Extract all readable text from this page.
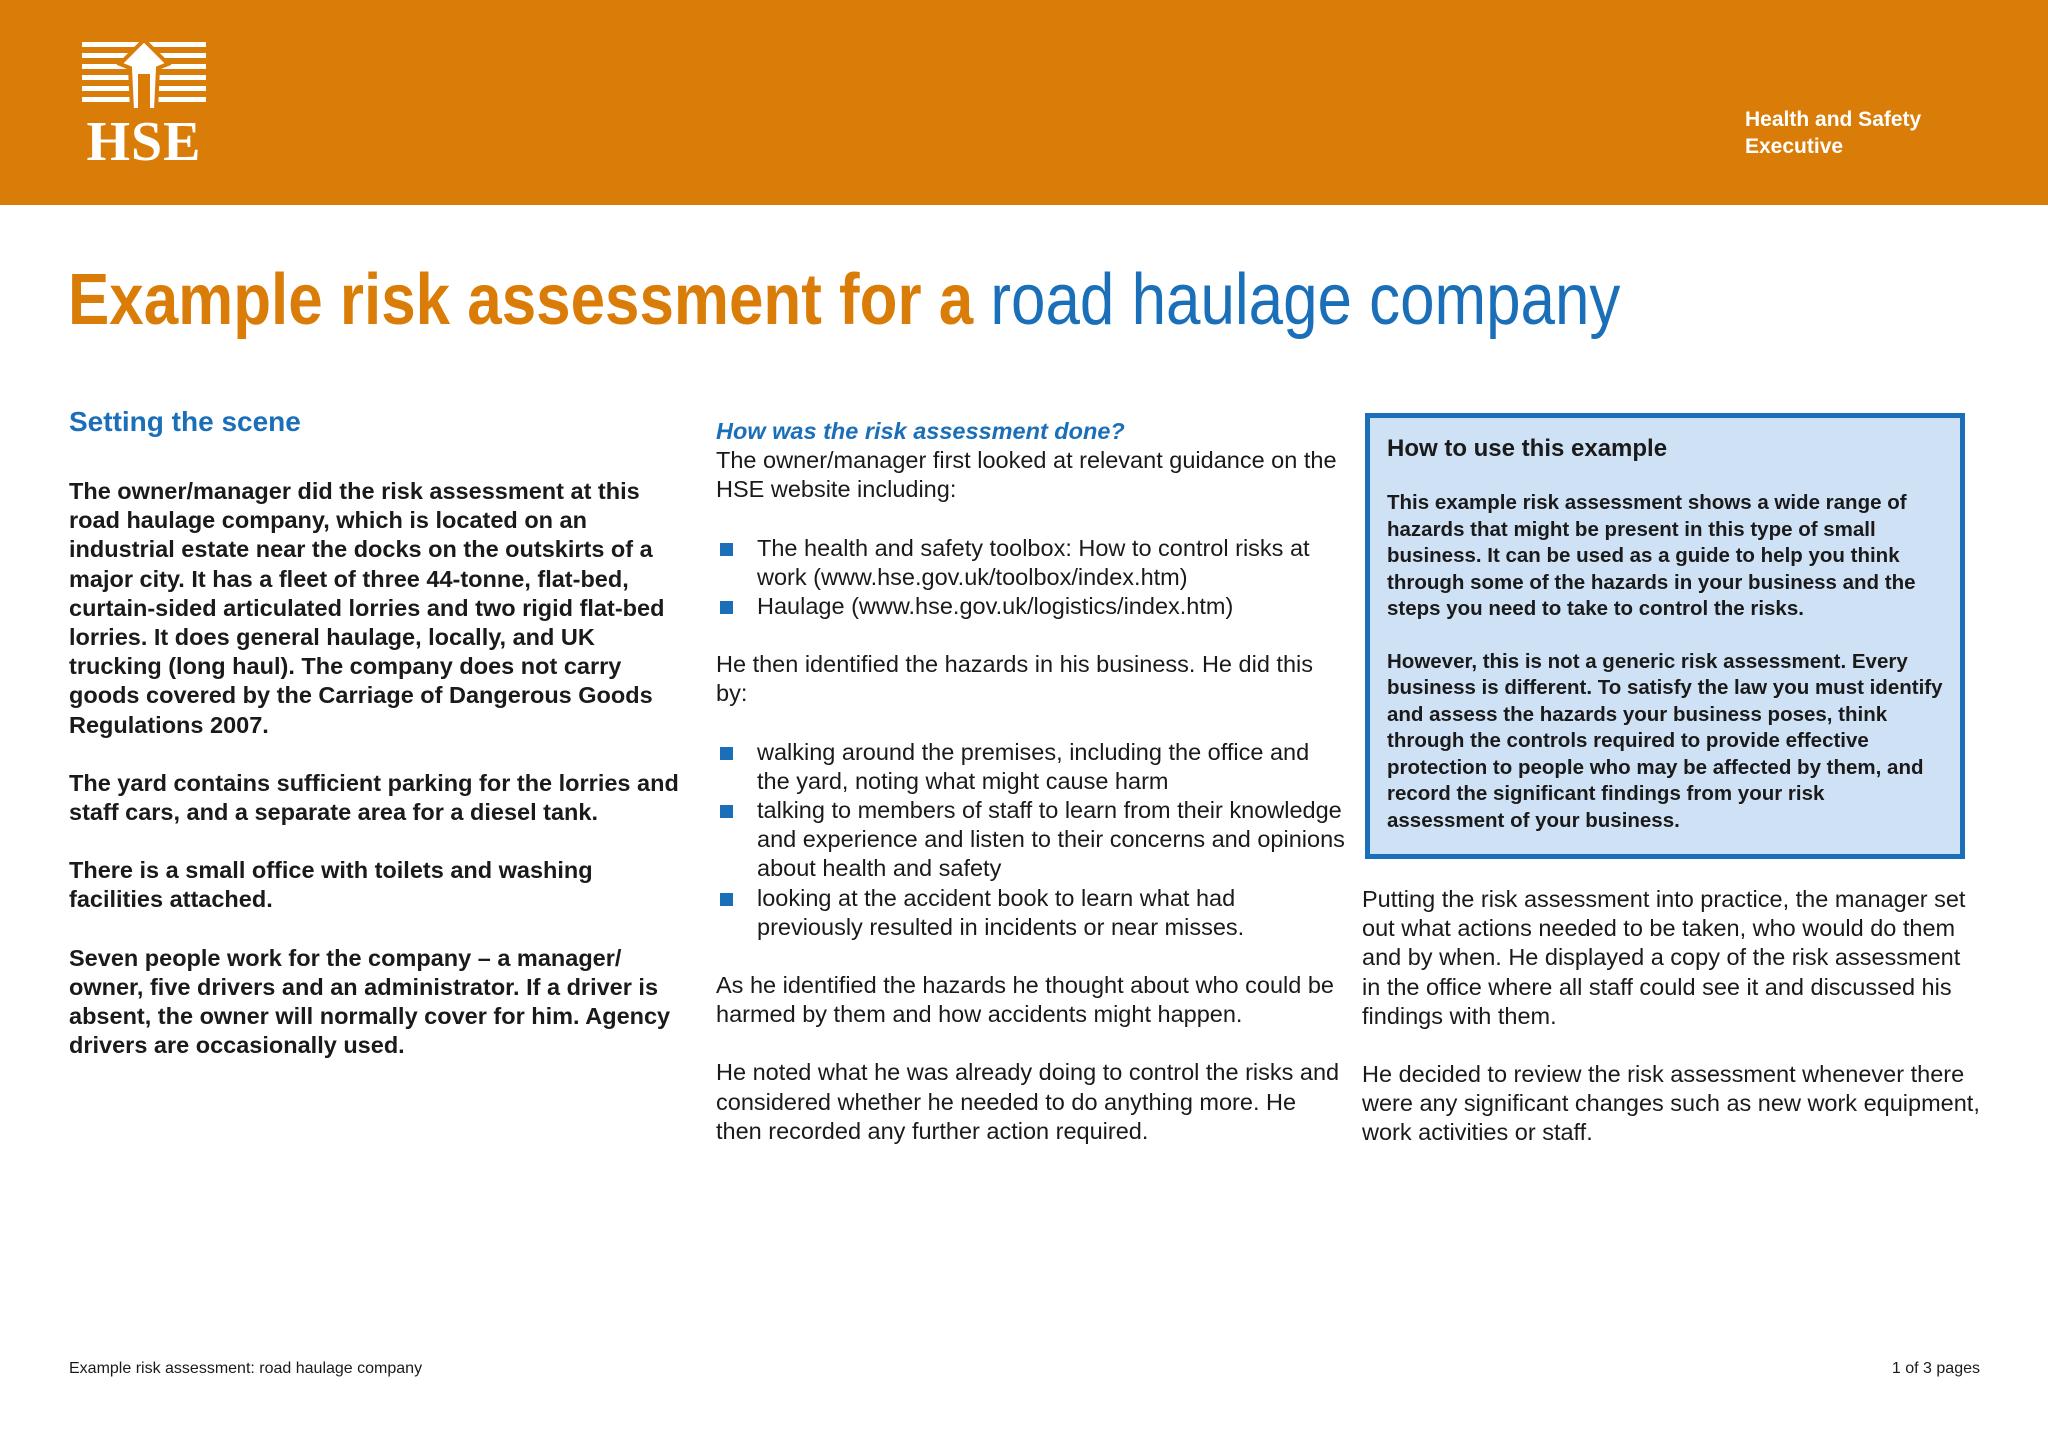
HSE	Health and Safety
Executive
Example risk assessment for a road haulage company
Setting the scene

The owner/manager did the risk assessment at this road haulage company, which is located on an industrial estate near the docks on the outskirts of a major city. It has a fleet of three 44-tonne, flat-bed, curtain-sided articulated lorries and two rigid flat-bed lorries. It does general haulage, locally, and UK trucking (long haul). The company does not carry goods covered by the Carriage of Dangerous Goods Regulations 2007.

The yard contains sufficient parking for the lorries and staff cars, and a separate area for a diesel tank.

There is a small office with toilets and washing facilities attached.

Seven people work for the company – a manager/ owner, five drivers and an administrator. If a driver is absent, the owner will normally cover for him. Agency drivers are occasionally used.

How was the risk assessment done?

The owner/manager first looked at relevant guidance on the HSE website including:

The health and safety toolbox: How to control risks at work (www.hse.gov.uk/toolbox/index.htm)
Haulage (www.hse.gov.uk/logistics/index.htm)

He then identified the hazards in his business. He did this by:

walking around the premises, including the office and the yard, noting what might cause harm
talking to members of staff to learn from their knowledge and experience and listen to their concerns and opinions about health and safety
looking at the accident book to learn what had previously resulted in incidents or near misses.

As he identified the hazards he thought about who could be harmed by them and how accidents might happen.

He noted what he was already doing to control the risks and considered whether he needed to do anything more. He then recorded any further action required.

How to use this example

This example risk assessment shows a wide range of hazards that might be present in this type of small business. It can be used as a guide to help you think through some of the hazards in your business and the steps you need to take to control the risks.

However, this is not a generic risk assessment. Every business is different. To satisfy the law you must identify and assess the hazards your business poses, think through the controls required to provide effective protection to people who may be affected by them, and record the significant findings from your risk assessment of your business.

Putting the risk assessment into practice, the manager set out what actions needed to be taken, who would do them and by when. He displayed a copy of the risk assessment in the office where all staff could see it and discussed his findings with them.

He decided to review the risk assessment whenever there were any significant changes such as new work equipment, work activities or staff.

Example risk assessment: road haulage company	1 of 3 pages
